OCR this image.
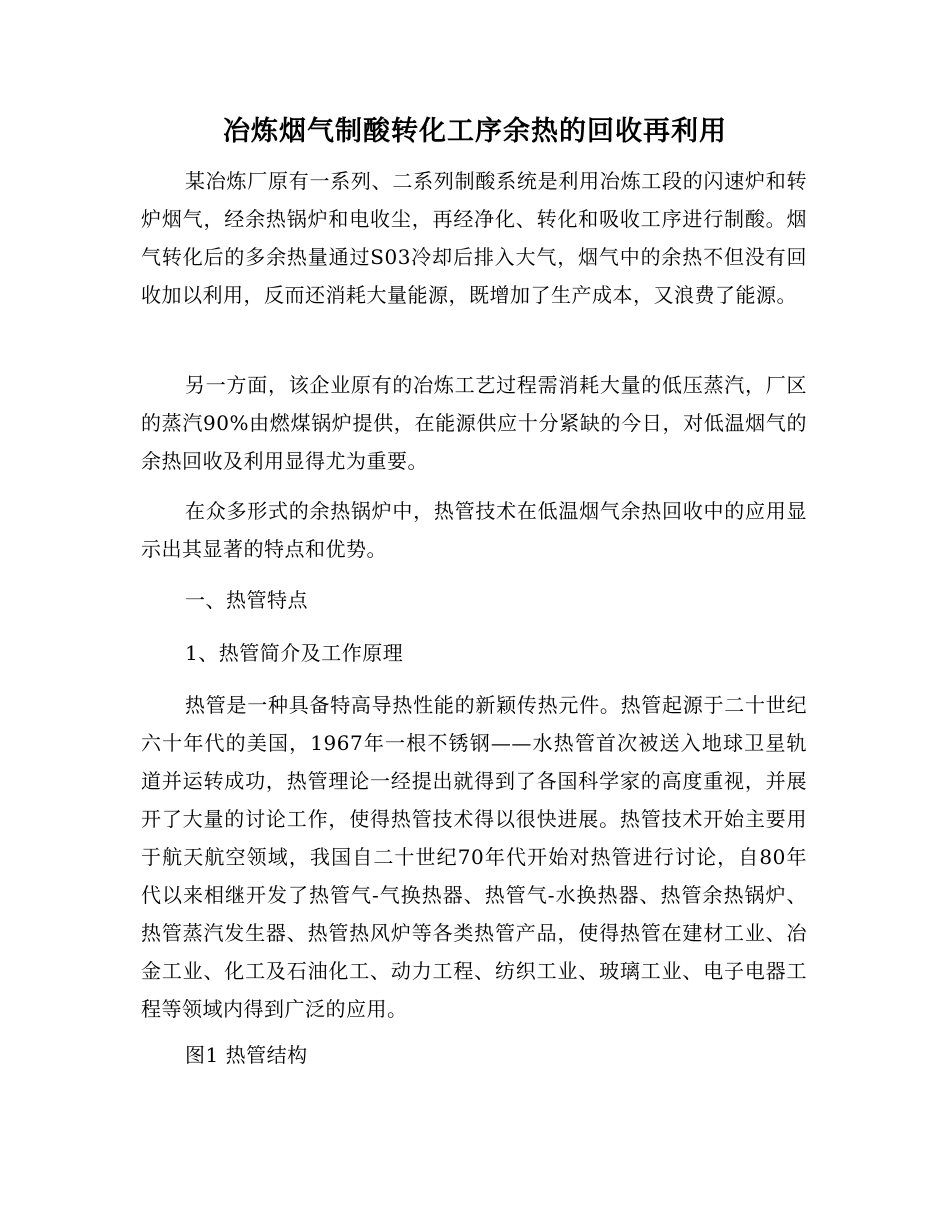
冶炼烟气制酸转化工序余热的回收再利用

某冶炼厂原有一系列、二系列制酸系统是利用冶炼工段的闪速炉和转炉烟气，经余热锅炉和电收尘，再经净化、转化和吸收工序进行制酸。烟气转化后的多余热量通过S03冷却后排入大气，烟气中的余热不但没有回收加以利用，反而还消耗大量能源，既增加了生产成本，又浪费了能源。

另一方面，该企业原有的冶炼工艺过程需消耗大量的低压蒸汽，厂区的蒸汽90%由燃煤锅炉提供，在能源供应十分紧缺的今日，对低温烟气的余热回收及利用显得尤为重要。

在众多形式的余热锅炉中，热管技术在低温烟气余热回收中的应用显示出其显著的特点和优势。

一、热管特点

1、热管简介及工作原理

热管是一种具备特高导热性能的新颖传热元件。热管起源于二十世纪六十年代的美国，1967年一根不锈钢——水热管首次被送入地球卫星轨道并运转成功，热管理论一经提出就得到了各国科学家的高度重视，并展开了大量的讨论工作，使得热管技术得以很快进展。热管技术开始主要用于航天航空领域，我国自二十世纪70年代开始对热管进行讨论，自80年代以来相继开发了热管气-气换热器、热管气-水换热器、热管余热锅炉、热管蒸汽发生器、热管热风炉等各类热管产品，使得热管在建材工业、冶金工业、化工及石油化工、动力工程、纺织工业、玻璃工业、电子电器工程等领域内得到广泛的应用。

图1 热管结构
